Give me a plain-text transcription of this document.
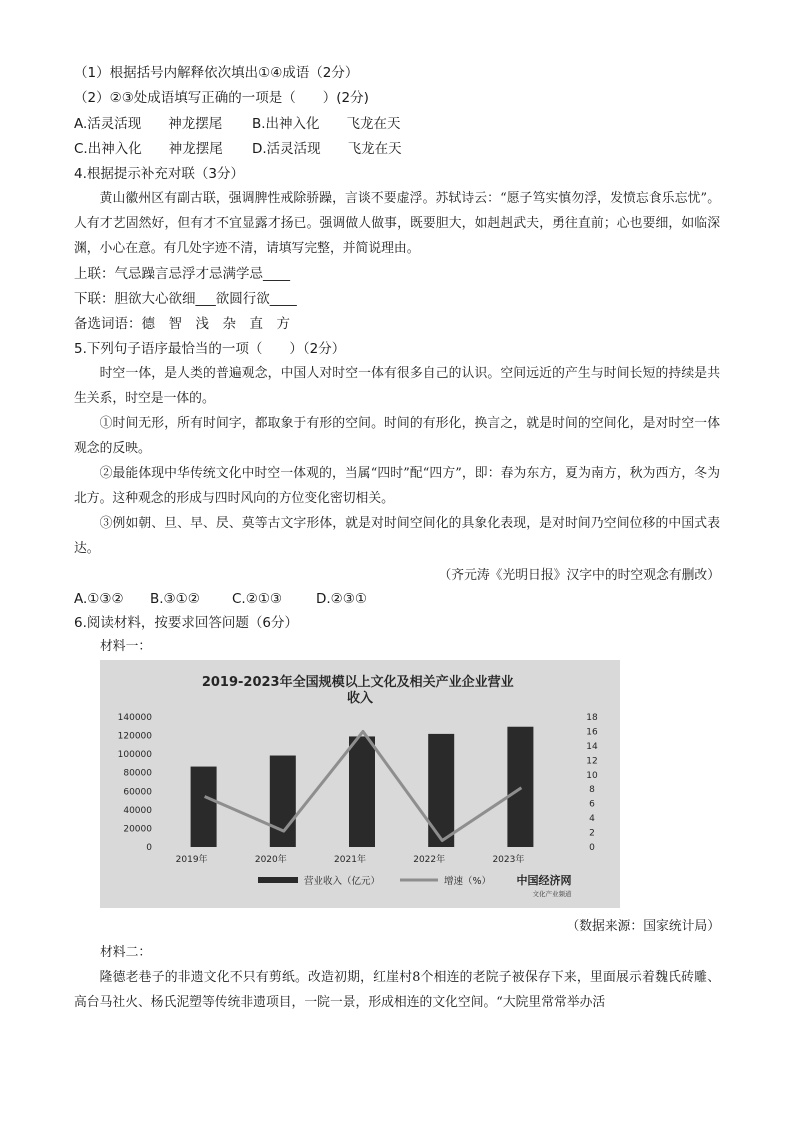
（1）根据括号内解释依次填出①④成语（2分）
（2）②③处成语填写正确的一项是（　　）(2分)
A.活灵活现　　神龙摆尾　　 B.出神入化　　飞龙在天
C.出神入化　　神龙摆尾　　 D.活灵活现　　飞龙在天
4.根据提示补充对联（3分）
黄山徽州区有副古联，强调脾性戒除骄躁，言谈不要虚浮。苏轼诗云：“愿子笃实慎勿浮，发愤忘食乐忘忧”。人有才艺固然好，但有才不宜显露才扬已。强调做人做事，既要胆大，如赳赳武夫，勇往直前；心也要细，如临深渊，小心在意。有几处字迹不清，请填写完整，并简说理由。
上联：气忌躁言忌浮才忌满学忌____
下联：胆欲大心欲细___欲圆行欲____
备选词语：德　智　浅　杂　直　方
5.下列句子语序最恰当的一项（　　）（2分）
时空一体，是人类的普遍观念，中国人对时空一体有很多自己的认识。空间远近的产生与时间长短的持续是共生关系，时空是一体的。
①时间无形，所有时间字，都取象于有形的空间。时间的有形化，换言之，就是时间的空间化，是对时空一体观念的反映。
②最能体现中华传统文化中时空一体观的，当属“四时”配“四方”，即：春为东方，夏为南方，秋为西方，冬为北方。这种观念的形成与四时风向的方位变化密切相关。
③例如朝、旦、早、昃、莫等古文字形体，就是对时间空间化的具象化表现，是对时间乃空间位移的中国式表达。
（齐元涛《光明日报》汉字中的时空观念有删改）
A.①③② B.③①② C.②①③	D.②③①
6.阅读材料，按要求回答问题（6分）
材料一：
2019-2023年全国规模以上文化及相关产业企业营业 收入
140000
120000
100000
80000
60000
40000
20000
0
18
16
14
12
10
8
6
4
2
0
2019年	2020年	2021年	2022年	2023年
营业收入（亿元）	增速（%） 中国经济网
文化产业频道
（数据来源：国家统计局）
材料二：
隆德老巷子的非遗文化不只有剪纸。改造初期，红崖村8个相连的老院子被保存下来，里面展示着魏氏砖雕、高台马社火、杨氏泥塑等传统非遗项目，一院一景，形成相连的文化空间。“大院里常常举办活
